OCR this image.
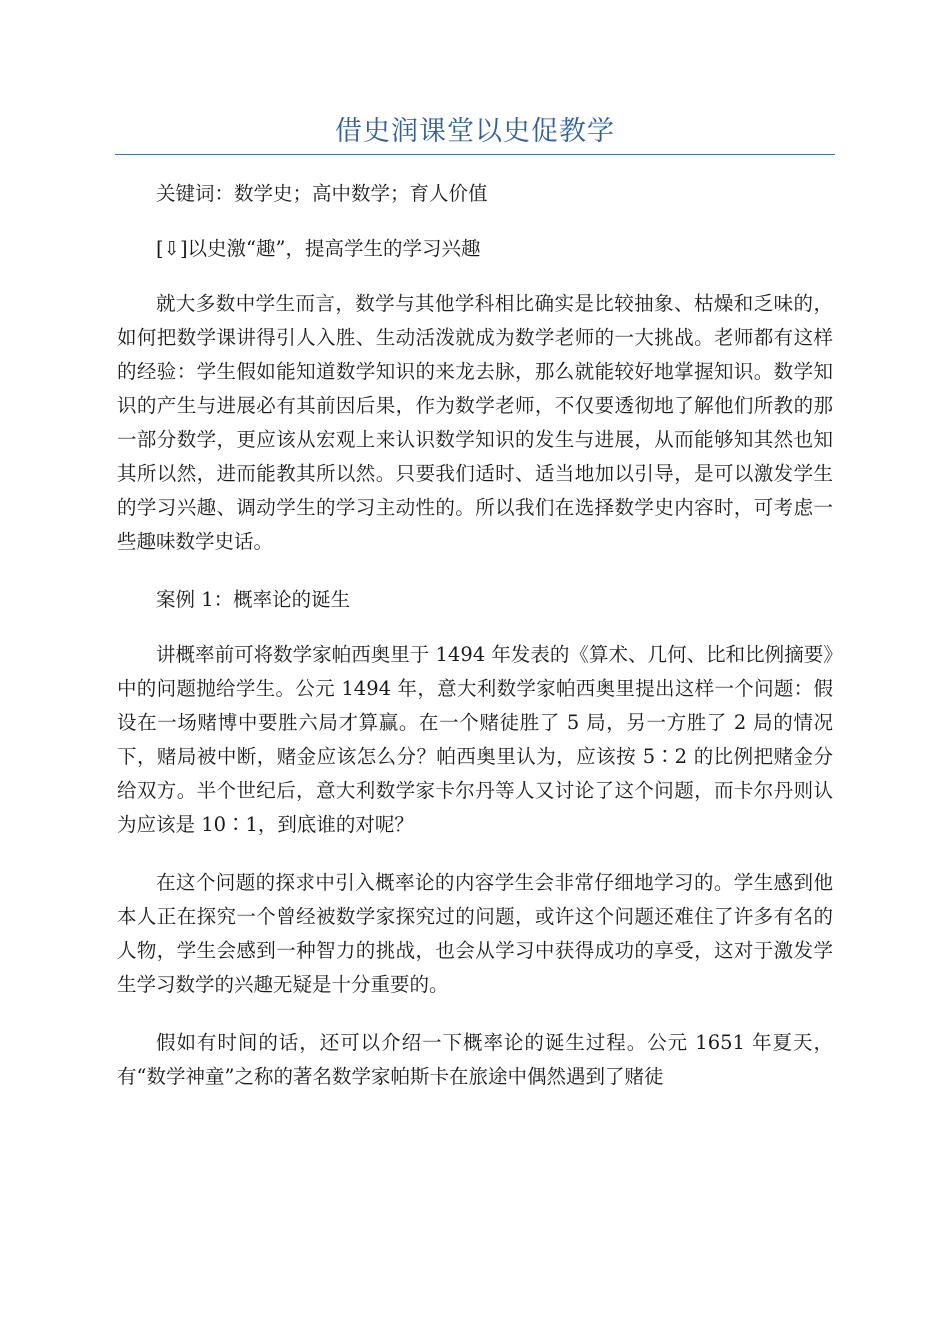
借史润课堂以史促教学

关键词：数学史；高中数学；育人价值

[⇩]以史激“趣”，提高学生的学习兴趣

就大多数中学生而言，数学与其他学科相比确实是比较抽象、枯燥和乏味的，如何把数学课讲得引人入胜、生动活泼就成为数学老师的一大挑战。老师都有这样的经验：学生假如能知道数学知识的来龙去脉，那么就能较好地掌握知识。数学知识的产生与进展必有其前因后果，作为数学老师，不仅要透彻地了解他们所教的那一部分数学，更应该从宏观上来认识数学知识的发生与进展，从而能够知其然也知其所以然，进而能教其所以然。只要我们适时、适当地加以引导，是可以激发学生的学习兴趣、调动学生的学习主动性的。所以我们在选择数学史内容时，可考虑一些趣味数学史话。

案例 1：概率论的诞生

讲概率前可将数学家帕西奥里于 1494 年发表的《算术、几何、比和比例摘要》中的问题抛给学生。公元 1494 年，意大利数学家帕西奥里提出这样一个问题：假设在一场赌博中要胜六局才算赢。在一个赌徒胜了 5 局，另一方胜了 2 局的情况下，赌局被中断，赌金应该怎么分？帕西奥里认为，应该按 5∶2 的比例把赌金分给双方。半个世纪后，意大利数学家卡尔丹等人又讨论了这个问题，而卡尔丹则认为应该是 10∶1，到底谁的对呢？

在这个问题的探求中引入概率论的内容学生会非常仔细地学习的。学生感到他本人正在探究一个曾经被数学家探究过的问题，或许这个问题还难住了许多有名的人物，学生会感到一种智力的挑战，也会从学习中获得成功的享受，这对于激发学生学习数学的兴趣无疑是十分重要的。

假如有时间的话，还可以介绍一下概率论的诞生过程。公元 1651 年夏天，有“数学神童”之称的著名数学家帕斯卡在旅途中偶然遇到了赌徒
